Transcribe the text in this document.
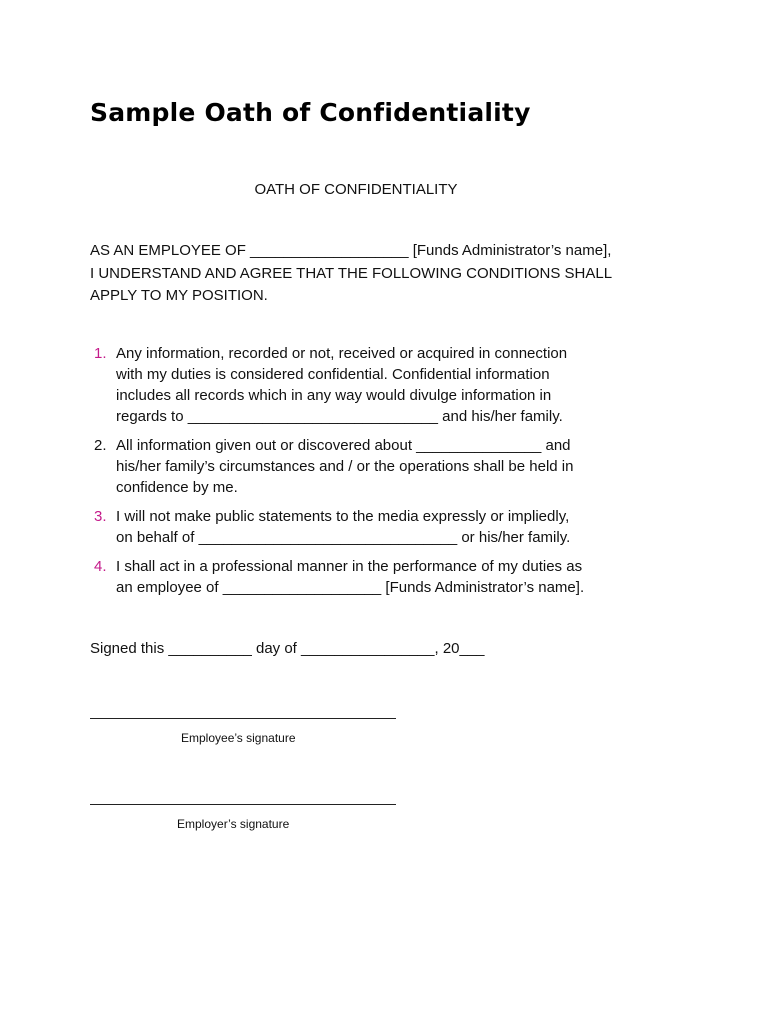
Sample Oath of Confidentiality
OATH OF CONFIDENTIALITY
AS AN EMPLOYEE OF ___________________ [Funds Administrator’s name],
I UNDERSTAND AND AGREE THAT THE FOLLOWING CONDITIONS SHALL
APPLY TO MY POSITION.
1. Any information, recorded or not, received or acquired in connection
with my duties is considered confidential. Confidential information
includes all records which in any way would divulge information in
regards to ______________________________ and his/her family.
2. All information given out or discovered about _______________ and
his/her family’s circumstances and / or the operations shall be held in
confidence by me.
3. I will not make public statements to the media expressly or impliedly,
on behalf of _______________________________ or his/her family.
4. I shall act in a professional manner in the performance of my duties as
an employee of ___________________ [Funds Administrator’s name].
Signed this __________ day of ________________, 20___
Employee’s signature
Employer’s signature
